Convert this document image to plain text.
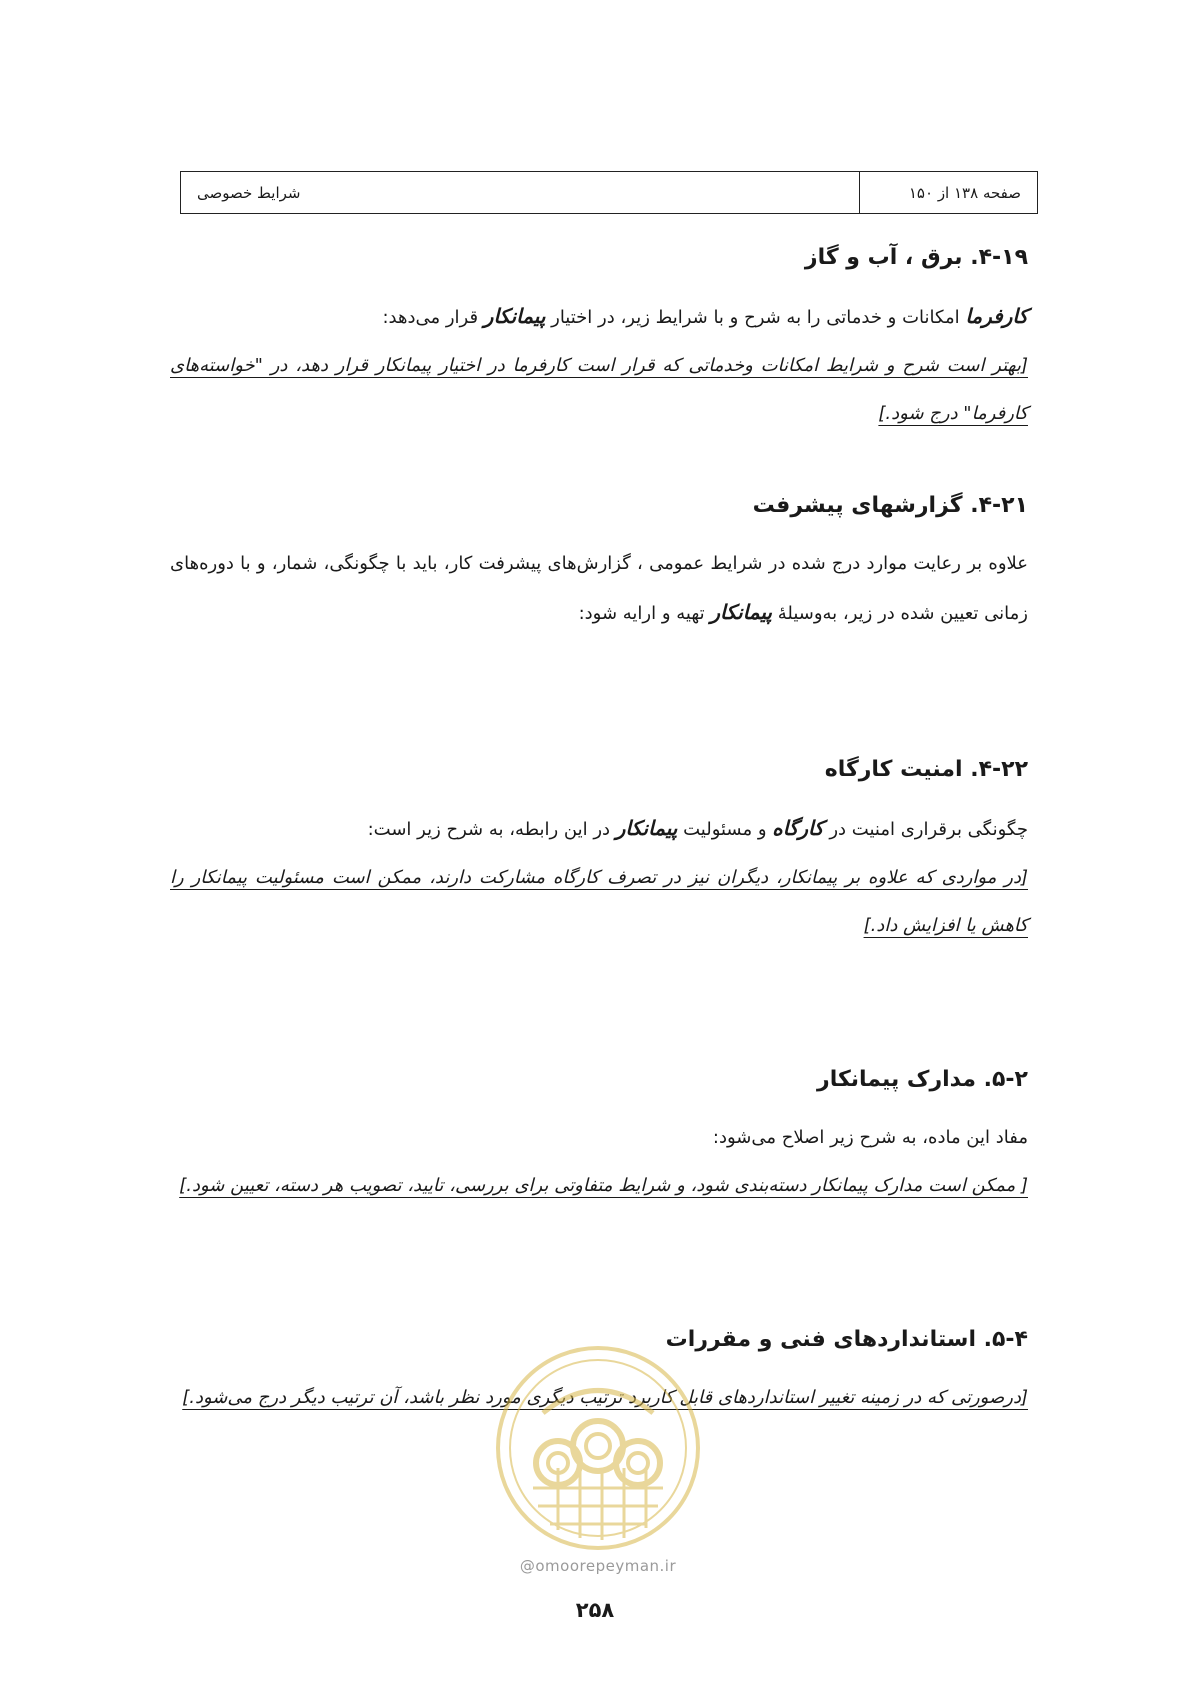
صفحه ۱۳۸ از ۱۵۰
شرایط خصوصی
۴-۱۹. برق ، آب و گاز

کارفرما امکانات و خدماتی را به شرح و با شرایط زیر، در اختیار پیمانکار قرار می‌دهد:

[بهتر است شرح و شرایط امکانات وخدماتی که قرار است کارفرما در اختیار پیمانکار قرار دهد، در "خواسته‌های کارفرما" درج شود.]

۴-۲۱. گزارشهای پیشرفت

علاوه بر رعایت موارد درج شده در شرایط عمومی ، گزارش‌های پیشرفت کار، باید با چگونگی، شمار، و با دوره‌های زمانی تعیین شده در زیر، به‌وسیلهٔ پیمانکار تهیه و ارایه شود:

۴-۲۲. امنیت کارگاه

چگونگی برقراری امنیت در کارگاه و مسئولیت پیمانکار در این رابطه، به شرح زیر است:

[در مواردی که علاوه بر پیمانکار، دیگران نیز در تصرف کارگاه مشارکت دارند، ممکن است مسئولیت پیمانکار را کاهش یا افزایش داد.]

۵-۲. مدارک پیمانکار

مفاد این ماده، به شرح زیر اصلاح می‌شود:

[ ممکن است مدارک پیمانکار دسته‌بندی شود، و شرایط متفاوتی برای بررسی، تایید، تصویب هر دسته، تعیین شود.]

۵-۴. استانداردهای فنی و مقررات

[درصورتی که در زمینه تغییر استانداردهای قابل کاربرد ترتیب دیگری مورد نظر باشد، آن ترتیب دیگر درج می‌شود.]

@omoorepeyman.ir
۲۵۸
